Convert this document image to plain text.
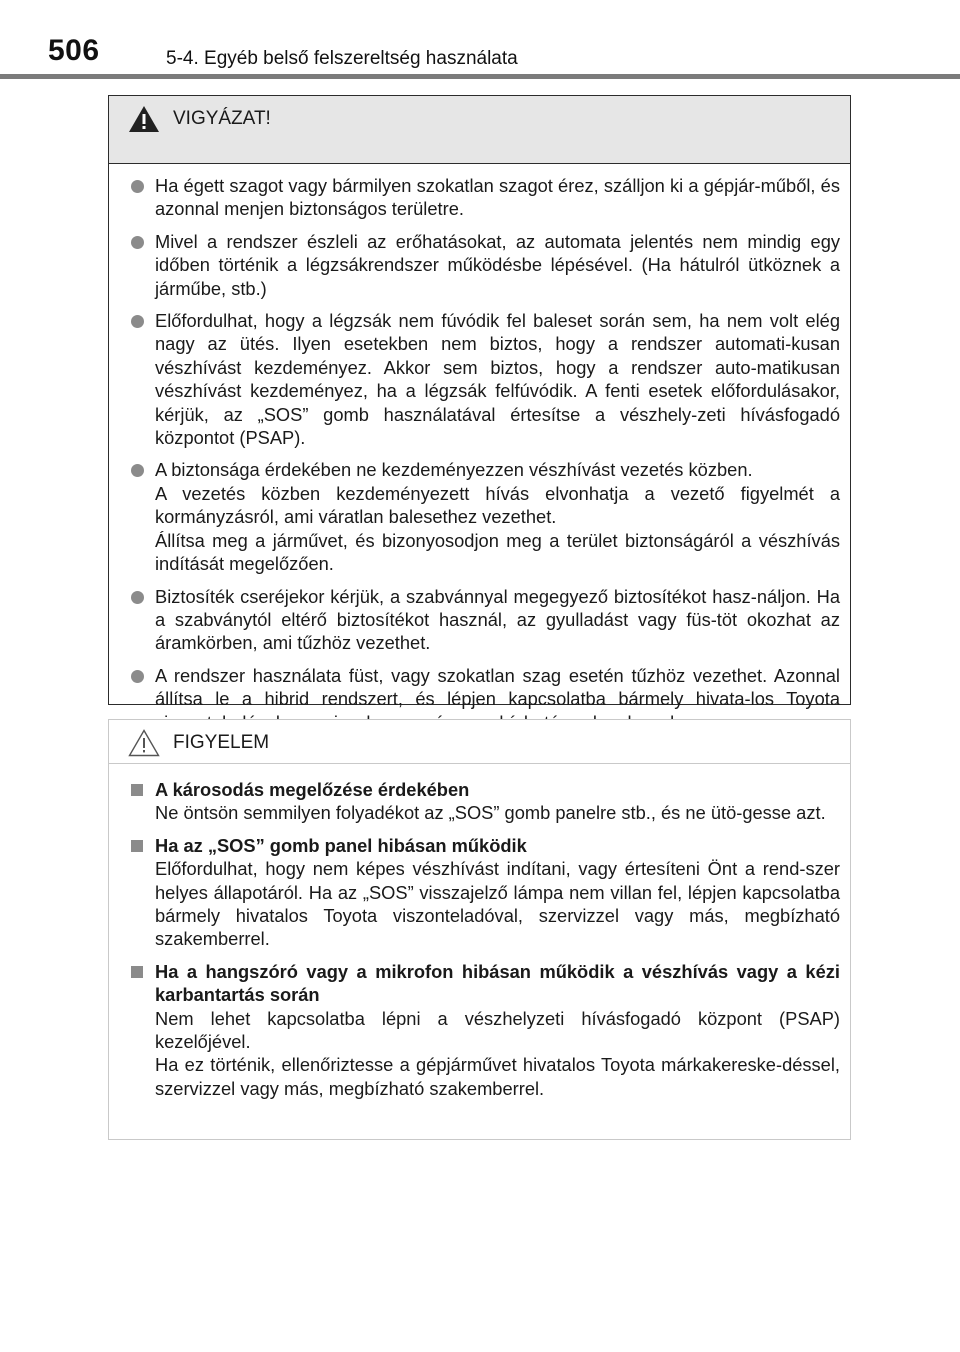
506	5-4. Egyéb belső felszereltség használata
VIGYÁZAT!

Ha égett szagot vagy bármilyen szokatlan szagot érez, szálljon ki a gépjár-műből, és azonnal menjen biztonságos területre.

Mivel a rendszer észleli az erőhatásokat, az automata jelentés nem mindig egy időben történik a légzsákrendszer működésbe lépésével. (Ha hátulról ütköznek a járműbe, stb.)

Előfordulhat, hogy a légzsák nem fúvódik fel baleset során sem, ha nem volt elég nagy az ütés. Ilyen esetekben nem biztos, hogy a rendszer automati-kusan vészhívást kezdeményez. Akkor sem biztos, hogy a rendszer auto-matikusan vészhívást kezdeményez, ha a légzsák felfúvódik. A fenti esetek előfordulásakor, kérjük, az „SOS” gomb használatával értesítse a vészhely-zeti hívásfogadó központot (PSAP).

A biztonsága érdekében ne kezdeményezzen vészhívást vezetés közben.

A vezetés közben kezdeményezett hívás elvonhatja a vezető figyelmét a kormányzásról, ami váratlan balesethez vezethet.

Állítsa meg a járművet, és bizonyosodjon meg a terület biztonságáról a vészhívás indítását megelőzően.

Biztosíték cseréjekor kérjük, a szabvánnyal megegyező biztosítékot hasz-náljon. Ha a szabványtól eltérő biztosítékot használ, az gyulladást vagy füs-töt okozhat az áramkörben, ami tűzhöz vezethet.

A rendszer használata füst, vagy szokatlan szag esetén tűzhöz vezethet. Azonnal állítsa le a hibrid rendszert, és lépjen kapcsolatba bármely hivata-los Toyota

FIGYELEM
A károsodás megelőzése érdekében

Ne öntsön semmilyen folyadékot az „SOS” gomb panelre stb., és ne ütö-gesse azt.

Ha az „SOS” gomb panel hibásan működik

Előfordulhat, hogy nem képes vészhívást indítani, vagy értesíteni Önt a rend-szer helyes állapotáról. Ha az „SOS” visszajelző lámpa nem villan fel, lépjen kapcsolatba bármely hivatalos Toyota viszonteladóval, szervizzel vagy más, megbízható szakemberrel.

Ha a hangszóró vagy a mikrofon hibásan működik a vészhívás vagy a kézi karbantartás során

Nem lehet kapcsolatba lépni a vészhelyzeti hívásfogadó központ (PSAP) kezelőjével.

Ha ez történik, ellenőriztesse a gépjárművet hivatalos Toyota márkakereske-déssel, szervizzel vagy más, megbízható szakemberrel.
